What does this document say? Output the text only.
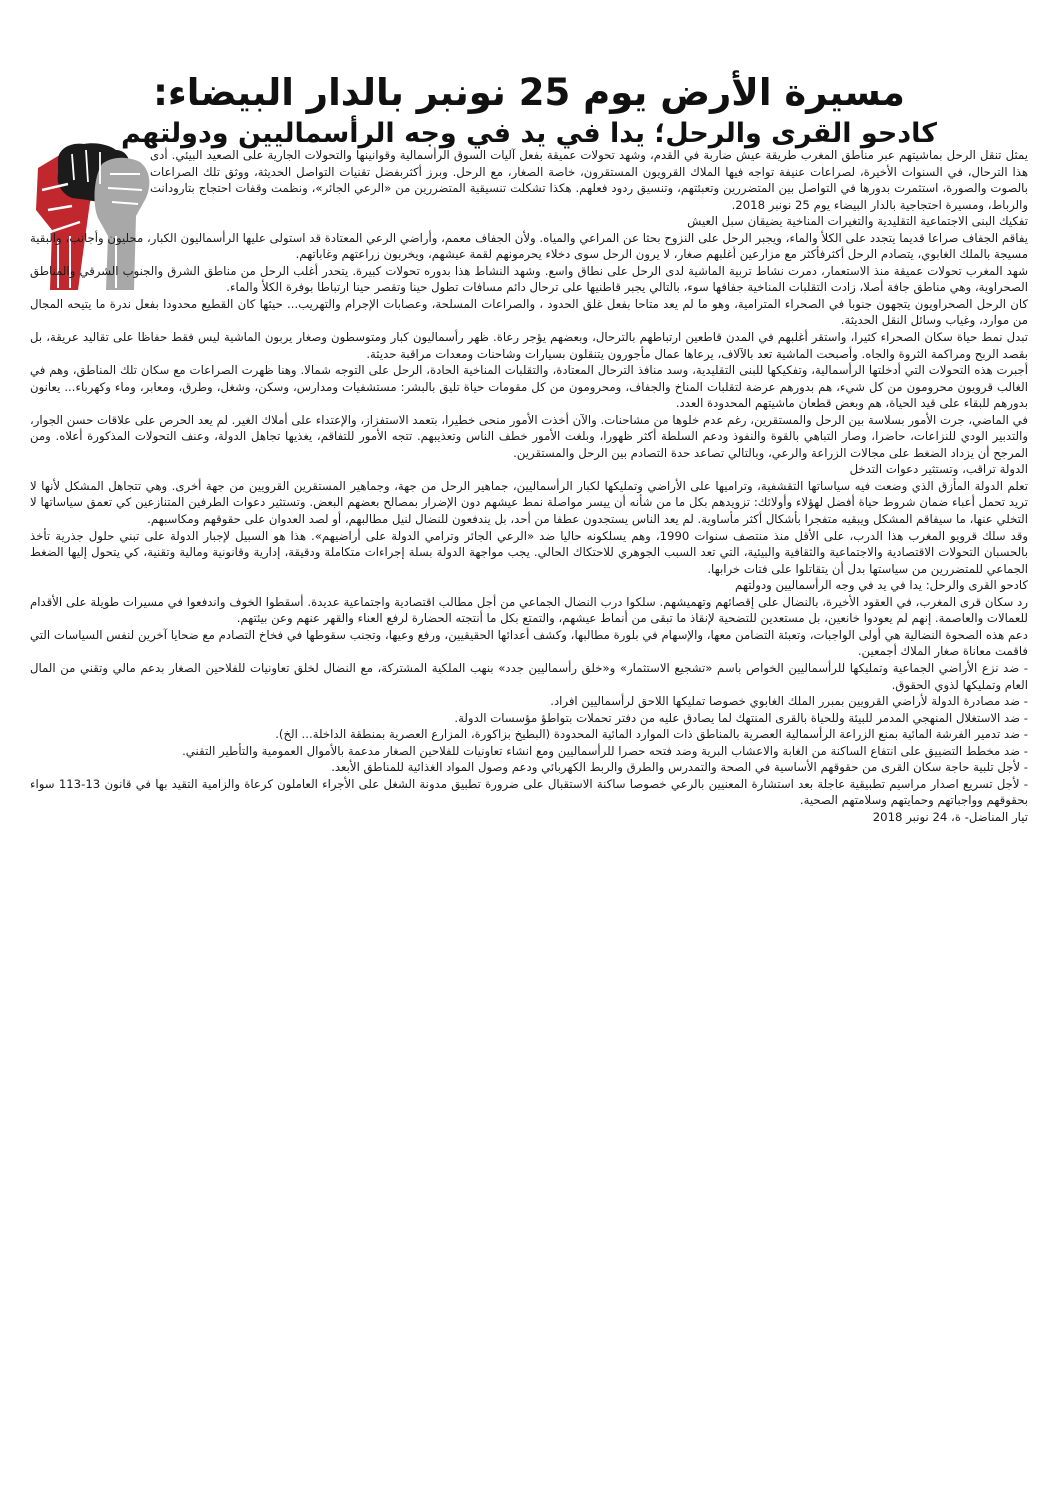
مسيرة الأرض يوم 25 نونبر بالدار البيضاء:
كادحو القرى والرحل؛ يدا في يد في وجه الرأسماليين ودولتهم

يمثل تنقل الرحل بماشيتهم عبر مناطق المغرب طريقة عيش ضاربة في القدم، وشهد تحولات عميقة بفعل آليات السوق الرأسمالية وقوانينها والتحولات الجارية على الصعيد البيئي. أدى هذا الترحال، في السنوات الأخيرة، لصراعات عنيفة تواجه فيها الملاك القرويون المستقرون، خاصة الصغار، مع الرحل. وبرز أكثربفضل تقنيات التواصل الحديثة، ووثق تلك الصراعات بالصوت والصورة، استثمرت بدورها في التواصل بين المتضررين وتعبئتهم، وتنسيق ردود فعلهم. هكذا تشكلت تنسيقية المتضررين من «الرعي الجائر»، ونظمت وقفات احتجاج بتارودانت والرباط، ومسيرة احتجاجية بالدار البيضاء يوم 25 نونبر 2018.

تفكيك البنى الاجتماعية التقليدية والتغيرات المناخية يضيقان سبل العيش

يفاقم الجفاف صراعا قديما يتجدد على الكلأ والماء، ويجبر الرحل على النزوح بحثا عن المراعي والمياه. ولأن الجفاف معمم، وأراضي الرعي المعتادة قد استولى عليها الرأسماليون الكبار، محليون وأجانب، والبقية مسيجة بالملك الغابوي، يتصادم الرحل أكثرفأكثر مع مزارعين أغلبهم صغار، لا يرون الرحل سوى دخلاء يحرمونهم لقمة عيشهم، ويخربون زراعتهم وغاباتهم.

شهد المغرب تحولات عميقة منذ الاستعمار، دمرت نشاط تربية الماشية لدى الرحل على نطاق واسع. وشهد النشاط هذا بدوره تحولات كبيرة. يتحدر أغلب الرحل من مناطق الشرق والجنوب الشرقي والمناطق الصحراوية، وهي مناطق جافة أصلا، زادت التقلبات المناخية جفافها سوء، بالتالي يجبر قاطنيها على ترحال دائم مسافات تطول حينا وتقصر حينا ارتباطا بوفرة الكلأ والماء.

كان الرحل الصحراويون يتجهون جنوبا في الصحراء المترامية، وهو ما لم يعد متاحا بفعل غلق الحدود ، والصراعات المسلحة، وعصابات الإجرام والتهريب... حيثها كان القطيع محدودا بفعل ندرة ما يتيحه المجال من موارد، وغياب وسائل النقل الحديثة.

تبدل نمط حياة سكان الصحراء كثيرا، واستقر أغلبهم في المدن قاطعين ارتباطهم بالترحال، وبعضهم يؤجر رعاة. ظهر رأسماليون كبار ومتوسطون وصغار يربون الماشية ليس فقط حفاظا على تقاليد عريقة، بل بقصد الربح ومراكمة الثروة والجاه. وأصبحت الماشية تعد بالآلاف، يرعاها عمال مأجورون يتنقلون بسيارات وشاحنات ومعدات مراقبة حديثة.

أجبرت هذه التحولات التي أدخلتها الرأسمالية، وتفكيكها للبنى التقليدية، وسد منافذ الترحال المعتادة، والتقلبات المناخية الحادة، الرحل على التوجه شمالا. وهنا ظهرت الصراعات مع سكان تلك المناطق، وهم في الغالب قرويون محرومون من كل شيء، هم بدورهم عرضة لتقلبات المناخ والجفاف، ومحرومون من كل مقومات حياة تليق بالبشر: مستشفيات ومدارس، وسكن، وشغل، وطرق، ومعابر، وماء وكهرباء... يعانون بدورهم للبقاء على قيد الحياة، هم وبعض قطعان ماشيتهم المحدودة العدد.

في الماضي، جرت الأمور بسلاسة بين الرحل والمستقرين، رغم عدم خلوها من مشاحنات. والآن أخذت الأمور منحى خطيرا، بتعمد الاستفزاز، والإعتداء على أملاك الغير. لم يعد الحرص على علاقات حسن الجوار، والتدبير الودي للنزاعات، حاضرا، وصار التباهي بالقوة والنفوذ ودعم السلطة أكثر ظهورا، وبلغت الأمور خطف الناس وتعذيبهم. تتجه الأمور للتفاقم، يغذيها تجاهل الدولة، وعنف التحولات المذكورة أعلاه. ومن المرجح أن يزداد الضغط على مجالات الزراعة والرعي، وبالتالي تصاعد حدة التصادم بين الرحل والمستقرين.

الدولة تراقب، وتستثير دعوات التدخل

تعلم الدولة المأزق الذي وضعت فيه سياساتها التقشفية، وتراميها على الأراضي وتمليكها لكبار الرأسماليين، جماهير الرحل من جهة، وجماهير المستقرين القرويين من جهة أخرى. وهي تتجاهل المشكل لأنها لا تريد تحمل أعباء ضمان شروط حياة أفضل لهؤلاء وأولائك: تزويدهم بكل ما من شأنه أن ييسر مواصلة نمط عيشهم دون الإضرار بمصالح بعضهم البعض. وتستثير دعوات الطرفين المتنازعين كي تعمق سياساتها لا التخلي عنها، ما سيفاقم المشكل ويبقيه متفجرا بأشكال أكثر مأساوية. لم يعد الناس يستجدون عطفا من أحد، بل يندفعون للنضال لنيل مطالبهم، أو لصد العدوان على حقوقهم ومكاسبهم.

وقد سلك قرويو المغرب هذا الدرب، على الأقل منذ منتصف سنوات 1990، وهم يسلكونه حاليا ضد «الرعي الجائر وترامي الدولة على أراضيهم». هذا هو السبيل لإجبار الدولة على تبني حلول جذرية تأخذ بالحسبان التحولات الاقتصادية والاجتماعية والثقافية والبيئية، التي تعد السبب الجوهري للاحتكاك الحالي. يجب مواجهة الدولة بسلة إجراءات متكاملة ودقيقة، إدارية وقانونية ومالية وتقنية، كي يتحول إليها الضغط الجماعي للمتضررين من سياستها بدل أن يتقاتلوا على فتات خرابها.

كادحو القرى والرحل: يدا في يد في وجه الرأسماليين ودولتهم

رد سكان قرى المغرب، في العقود الأخيرة، بالنضال على إقصائهم وتهميشهم. سلكوا درب النضال الجماعي من أجل مطالب اقتصادية واجتماعية عديدة. أسقطوا الخوف واندفعوا في مسيرات طويلة على الأقدام للعمالات والعاصمة. إنهم لم يعودوا خانعين، بل مستعدين للتضحية لإنقاذ ما تبقى من أنماط عيشهم، والتمتع بكل ما أنتجته الحضارة لرفع العناء والقهر عنهم وعن بيئتهم.

دعم هذه الصحوة النضالية هي أولى الواجبات، وتعبئة التضامن معها، والإسهام في بلورة مطالبها، وكشف أعدائها الحقيقيين، ورفع وعيها، وتجنب سقوطها في فخاخ التصادم مع ضحايا آخرين لنفس السياسات التي فاقمت معاناة صغار الملاك أجمعين.

- ضد نزع الأراضي الجماعية وتمليكها للرأسماليين الخواص باسم «تشجيع الاستثمار» و«خلق رأسماليين جدد» بنهب الملكية المشتركة، مع النضال لخلق تعاونيات للفلاحين الصغار بدعم مالي وتقني من المال العام وتمليكها لذوي الحقوق.

- ضد مصادرة الدولة لأراضي القرويين بمبرر الملك الغابوي خصوصا تمليكها اللاحق لرأسماليين افراد.

- ضد الاستغلال المنهجي المدمر للبيئة وللحياة بالقرى المنتهك لما يصادق عليه من دفتر تحملات بتواطؤ مؤسسات الدولة.

- ضد تدمير الفرشة المائية بمنع الزراعة الرأسمالية العصرية بالمناطق ذات الموارد المائية المحدودة (البطيخ بزاكورة، المزارع العصرية بمنطقة الداخلة... الخ).

- ضد مخطط التضييق على انتفاع الساكنة من الغابة والاعشاب البرية وضد فتحه حصرا للرأسماليين ومع انشاء تعاونيات للفلاحين الصغار مدعمة بالأموال العمومية والتأطير التقني.

- لأجل تلبية حاجة سكان القرى من حقوقهم الأساسية في الصحة والتمدرس والطرق والربط الكهربائي ودعم وصول المواد الغذائية للمناطق الأبعد.

- لأجل تسريع اصدار مراسيم تطبيقية عاجلة بعد استشارة المعنيين بالرعي خصوصا ساكنة الاستقبال على ضرورة تطبيق مدونة الشغل على الأجراء العاملون كرعاة والزامية التقيد بها في قانون 13-113 سواء بحقوقهم وواجباتهم وحمايتهم وسلامتهم الصحية.

تيار المناضل- ة، 24 نونبر 2018
